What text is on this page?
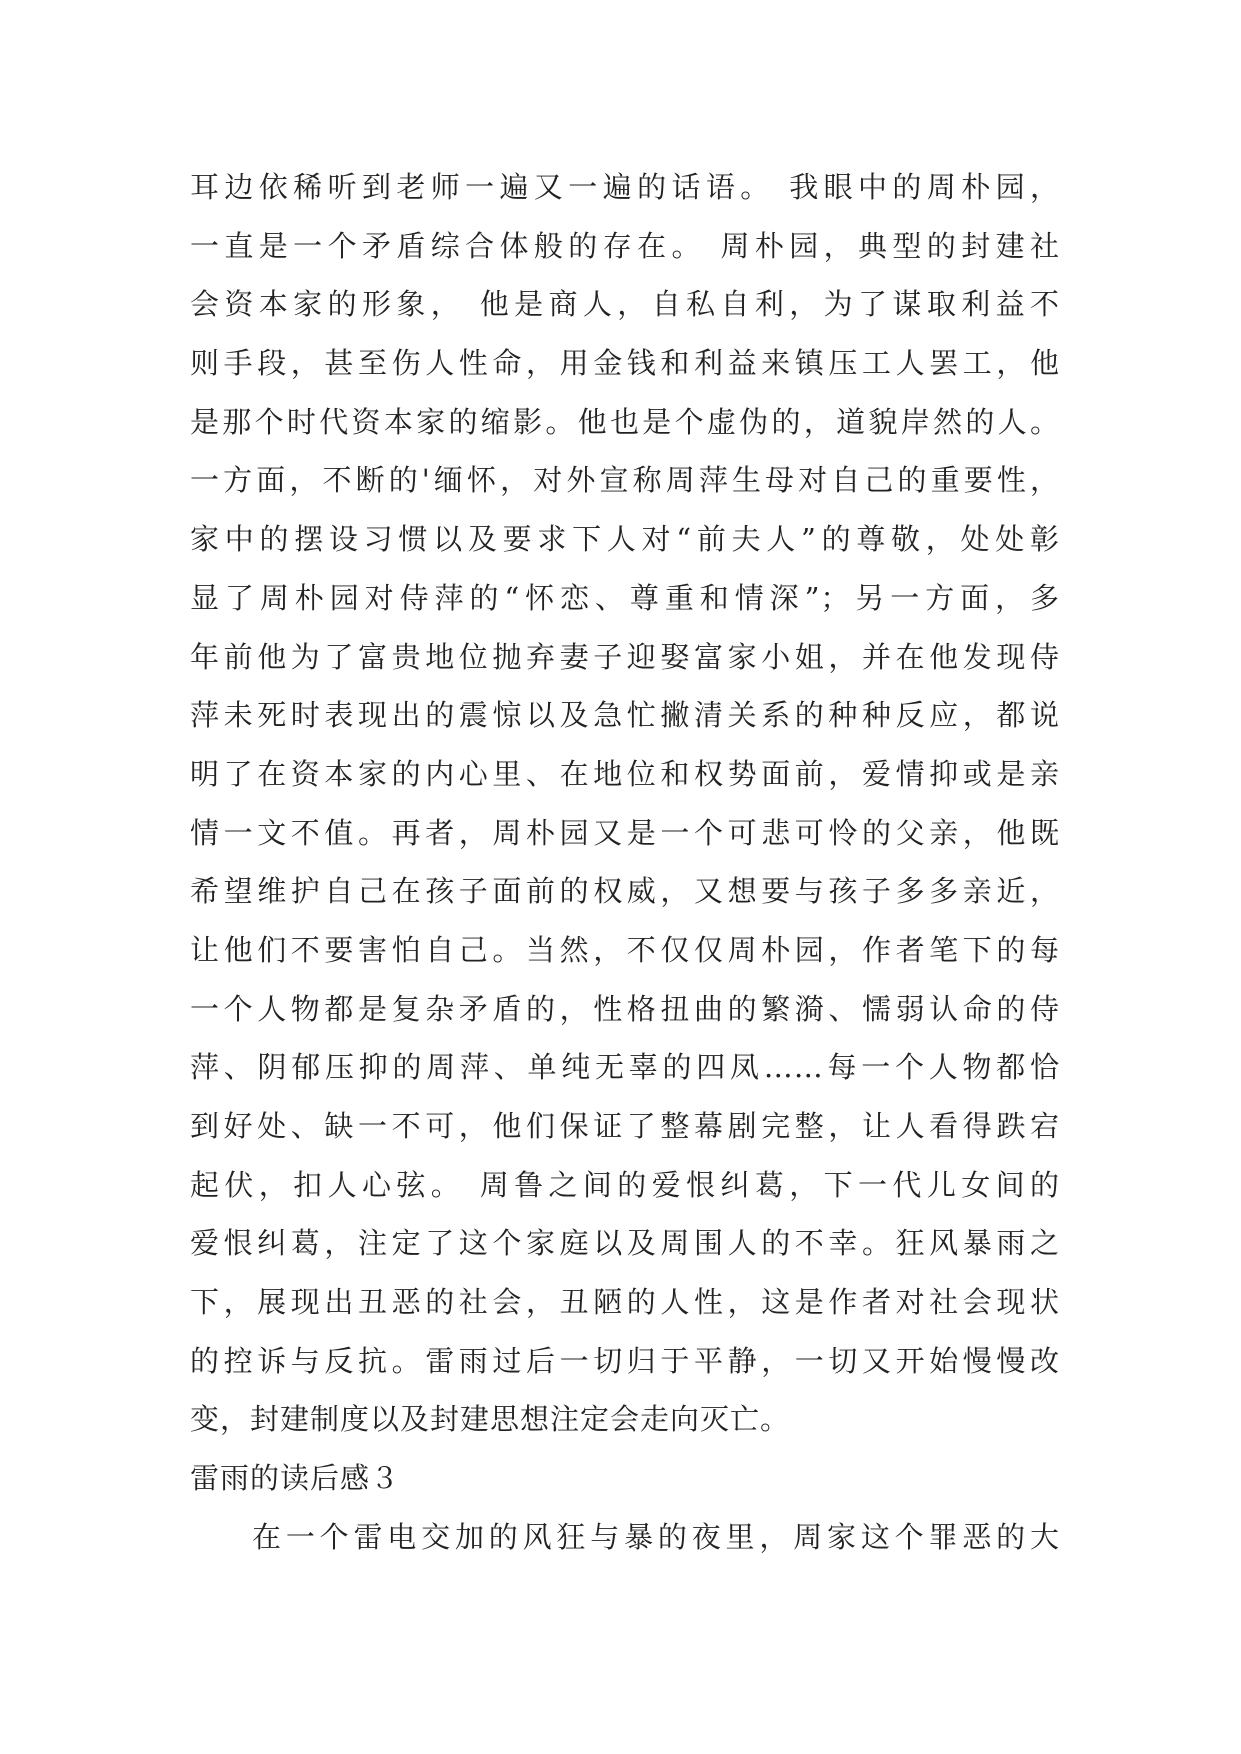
耳边依稀听到老师一遍又一遍的话语。 我眼中的周朴园，
一直是一个矛盾综合体般的存在。 周朴园，典型的封建社
会资本家的形象， 他是商人，自私自利，为了谋取利益不
则手段，甚至伤人性命，用金钱和利益来镇压工人罢工，他
是那个时代资本家的缩影。他也是个虚伪的，道貌岸然的人。
一方面，不断的'缅怀，对外宣称周萍生母对自己的重要性，
家中的摆设习惯以及要求下人对“前夫人”的尊敬，处处彰
显了周朴园对侍萍的“怀恋、尊重和情深”；另一方面，多
年前他为了富贵地位抛弃妻子迎娶富家小姐，并在他发现侍
萍未死时表现出的震惊以及急忙撇清关系的种种反应，都说
明了在资本家的内心里、在地位和权势面前，爱情抑或是亲
情一文不值。再者，周朴园又是一个可悲可怜的父亲，他既
希望维护自己在孩子面前的权威，又想要与孩子多多亲近，
让他们不要害怕自己。当然，不仅仅周朴园，作者笔下的每
一个人物都是复杂矛盾的，性格扭曲的繁漪、懦弱认命的侍
萍、阴郁压抑的周萍、单纯无辜的四凤……每一个人物都恰
到好处、缺一不可，他们保证了整幕剧完整，让人看得跌宕
起伏，扣人心弦。 周鲁之间的爱恨纠葛，下一代儿女间的
爱恨纠葛，注定了这个家庭以及周围人的不幸。狂风暴雨之
下，展现出丑恶的社会，丑陋的人性，这是作者对社会现状
的控诉与反抗。雷雨过后一切归于平静，一切又开始慢慢改
变，封建制度以及封建思想注定会走向灭亡。
雷雨的读后感３
在一个雷电交加的风狂与暴的夜里，周家这个罪恶的大
